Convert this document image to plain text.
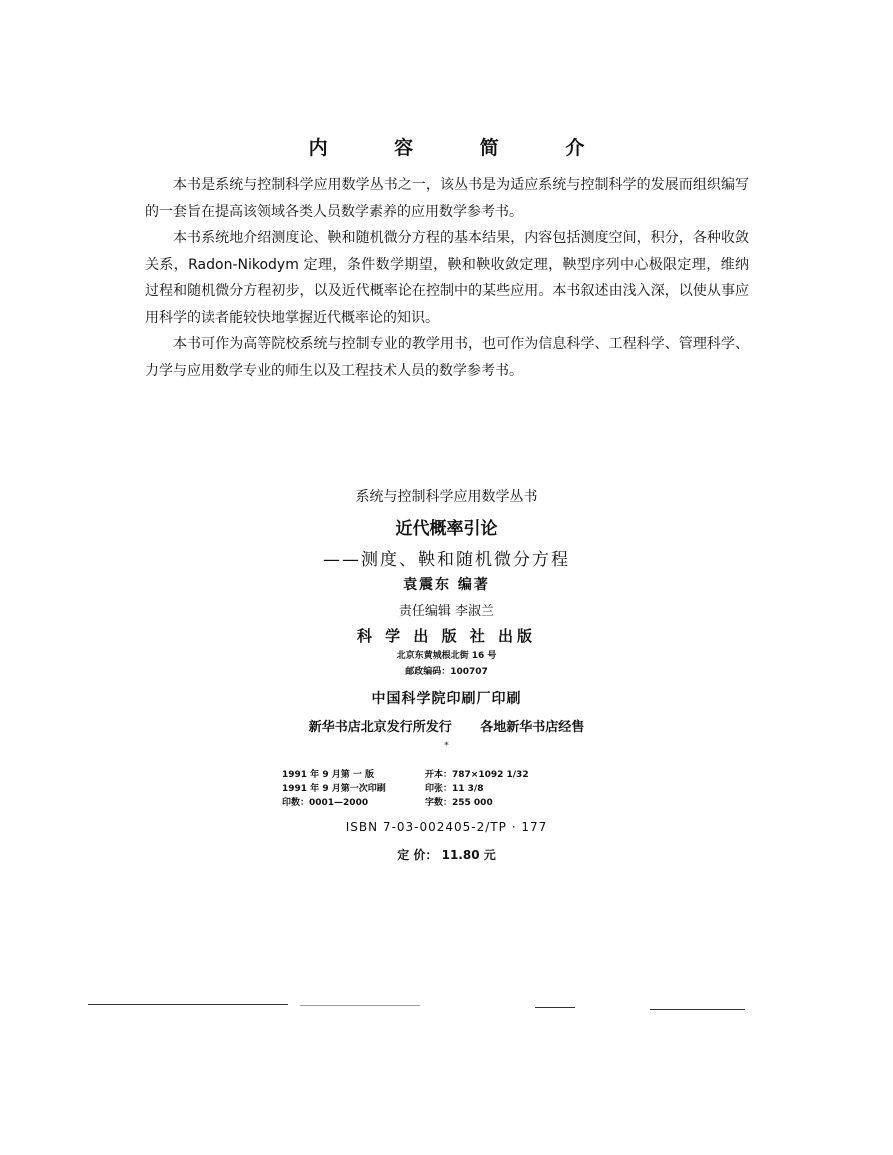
内 容 简 介

本书是系统与控制科学应用数学丛书之一，该丛书是为适应系统与控制科学的发展而组织编写的一套旨在提高该领域各类人员数学素养的应用数学参考书。

本书系统地介绍测度论、鞅和随机微分方程的基本结果，内容包括测度空间，积分，各种收敛关系，Radon-Nikodym 定理，条件数学期望，鞅和鞅收敛定理，鞅型序列中心极限定理，维纳过程和随机微分方程初步，以及近代概率论在控制中的某些应用。本书叙述由浅入深，以使从事应用科学的读者能较快地掌握近代概率论的知识。

本书可作为高等院校系统与控制专业的教学用书，也可作为信息科学、工程科学、管理科学、力学与应用数学专业的师生以及工程技术人员的数学参考书。

系统与控制科学应用数学丛书
近代概率引论
——测度、鞅和随机微分方程
袁震东 编著
责任编辑 李淑兰
科 学 出 版 社 出版
北京东黄城根北街 16 号
邮政编码：100707
中国科学院印刷厂印刷
新华书店北京发行所发行 各地新华书店经售
*
1991 年 9 月第 一 版	开本：787×1092 1/32
1991 年 9 月第一次印刷	印张：11 3/8
印数：0001—2000	字数：255 000
ISBN 7-03-002405-2/TP · 177
定 价： 11.80 元
